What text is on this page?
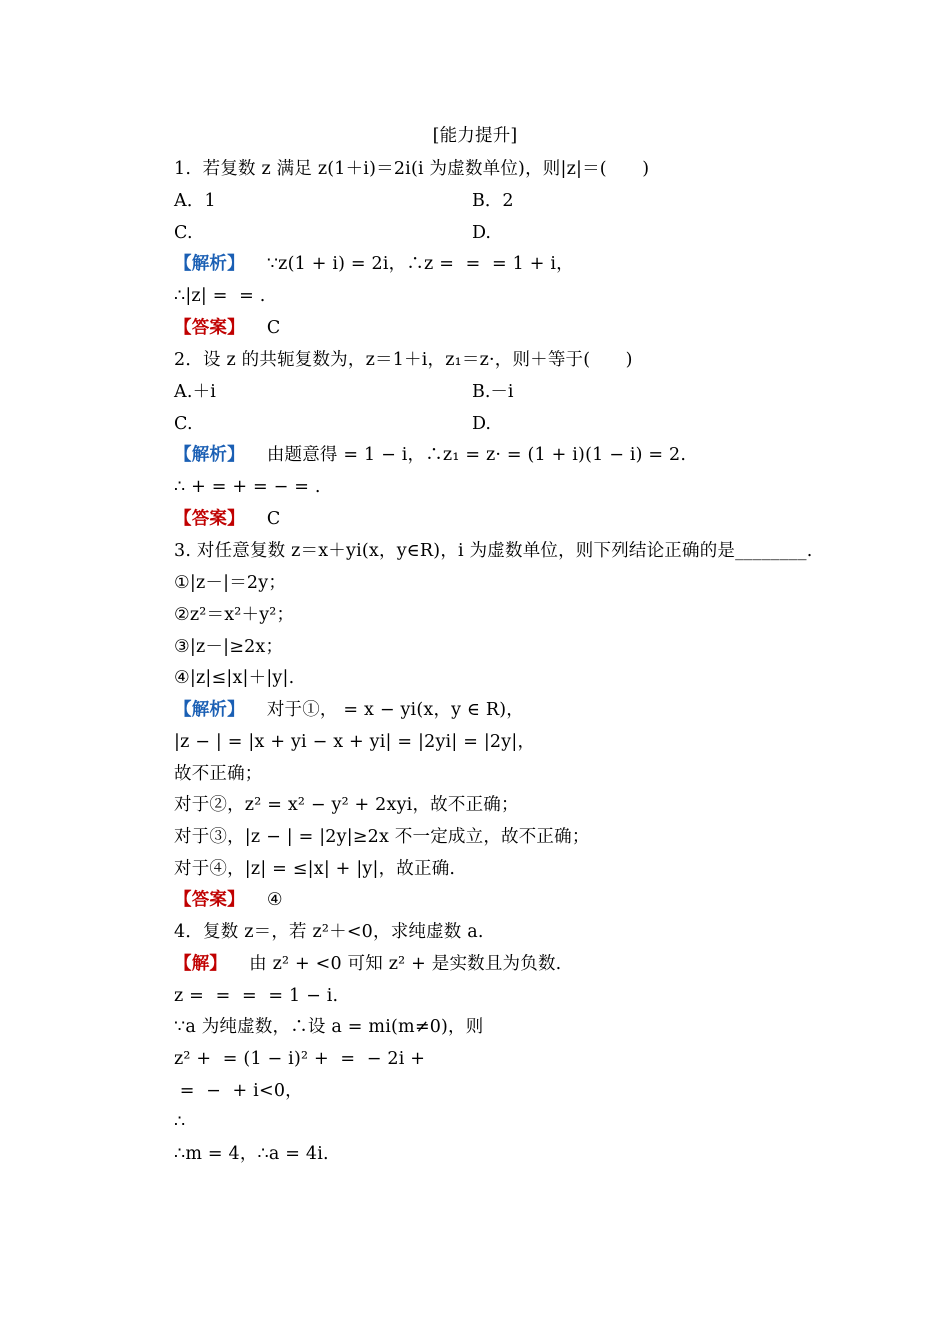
[能力提升]
1.  若复数 z 满足 z(1＋i)＝2i(i 为虚数单位)，则|z|＝(　　)
A．1	B．2
C.	D.
【解析】 ∵z(1 + i) = 2i，∴z =  =  = 1 + i，
∴|z| =  = .
【答案】 C
2．设 z 的共轭复数为，z＝1＋i，z₁＝z·，则＋等于(　　)
A.＋i	B.－i
C.	D.
【解析】 由题意得 = 1 − i，∴z₁ = z· = (1 + i)(1 − i) = 2.
∴ + = + = − = .
【答案】 C
3. 对任意复数 z＝x＋yi(x，y∈R)，i 为虚数单位，则下列结论正确的是________.
①|z－|＝2y；
②z²＝x²＋y²；
③|z－|≥2x；
④|z|≤|x|＋|y|.
【解析】 对于①， = x − yi(x，y ∈ R)，
|z − | = |x + yi − x + yi| = |2yi| = |2y|，
故不正确；
对于②，z² = x² − y² + 2xyi，故不正确；
对于③，|z − | = |2y|≥2x 不一定成立，故不正确；
对于④，|z| = ≤|x| + |y|，故正确.
【答案】 ④
4．复数 z＝，若 z²＋<0，求纯虚数 a.
【解】 由 z² + <0 可知 z² + 是实数且为负数.
z =  =  =  = 1 − i.
∵a 为纯虚数，∴设 a = mi(m≠0)，则
z² +  = (1 − i)² +  =  − 2i +
=  −  + i<0，
∴
∴m = 4，∴a = 4i.
